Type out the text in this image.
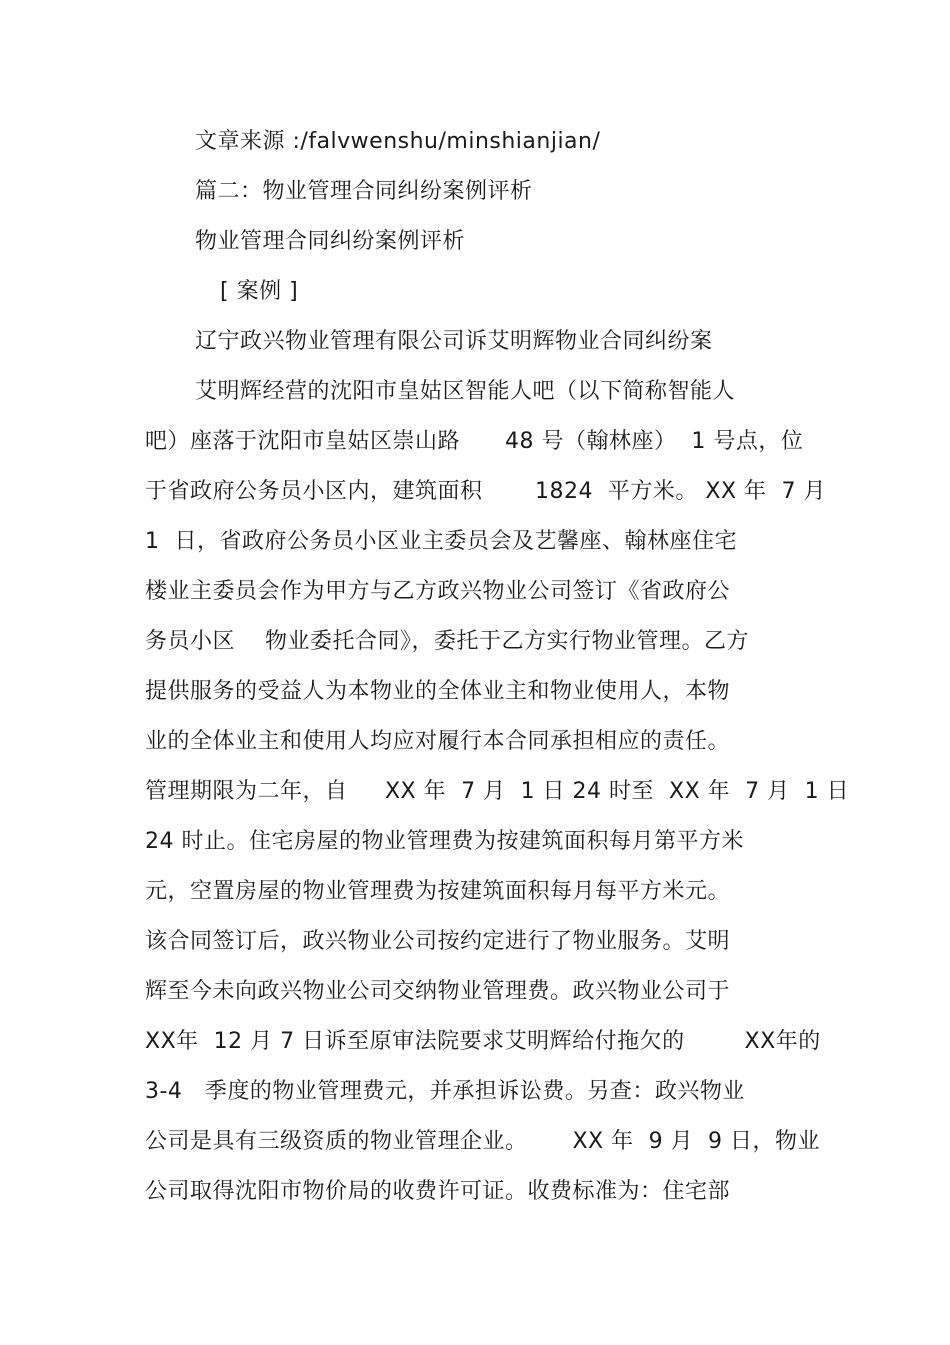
文章来源 :/falvwenshu/minshianjian/
篇二：物业管理合同纠纷案例评析
物业管理合同纠纷案例评析
[ 案例 ]
辽宁政兴物业管理有限公司诉艾明辉物业合同纠纷案
艾明辉经营的沈阳市皇姑区智能人吧（以下简称智能人
吧）座落于沈阳市皇姑区崇山路      48 号（翰林座）  1 号点，位
于省政府公务员小区内，建筑面积       1824  平方米。 XX 年  7 月
1  日，省政府公务员小区业主委员会及艺馨座、翰林座住宅
楼业主委员会作为甲方与乙方政兴物业公司签订《省政府公
务员小区    物业委托合同》，委托于乙方实行物业管理。乙方
提供服务的受益人为本物业的全体业主和物业使用人，本物
业的全体业主和使用人均应对履行本合同承担相应的责任。
管理期限为二年，自     XX 年  7 月  1 日 24 时至  XX 年  7 月  1 日
24 时止。住宅房屋的物业管理费为按建筑面积每月第平方米
元，空置房屋的物业管理费为按建筑面积每月每平方米元。
该合同签订后，政兴物业公司按约定进行了物业服务。艾明
辉至今未向政兴物业公司交纳物业管理费。政兴物业公司于
XX年  12 月 7 日诉至原审法院要求艾明辉给付拖欠的        XX年的
3-4   季度的物业管理费元，并承担诉讼费。另查：政兴物业
公司是具有三级资质的物业管理企业。      XX 年  9 月  9 日，物业
公司取得沈阳市物价局的收费许可证。收费标准为：住宅部
